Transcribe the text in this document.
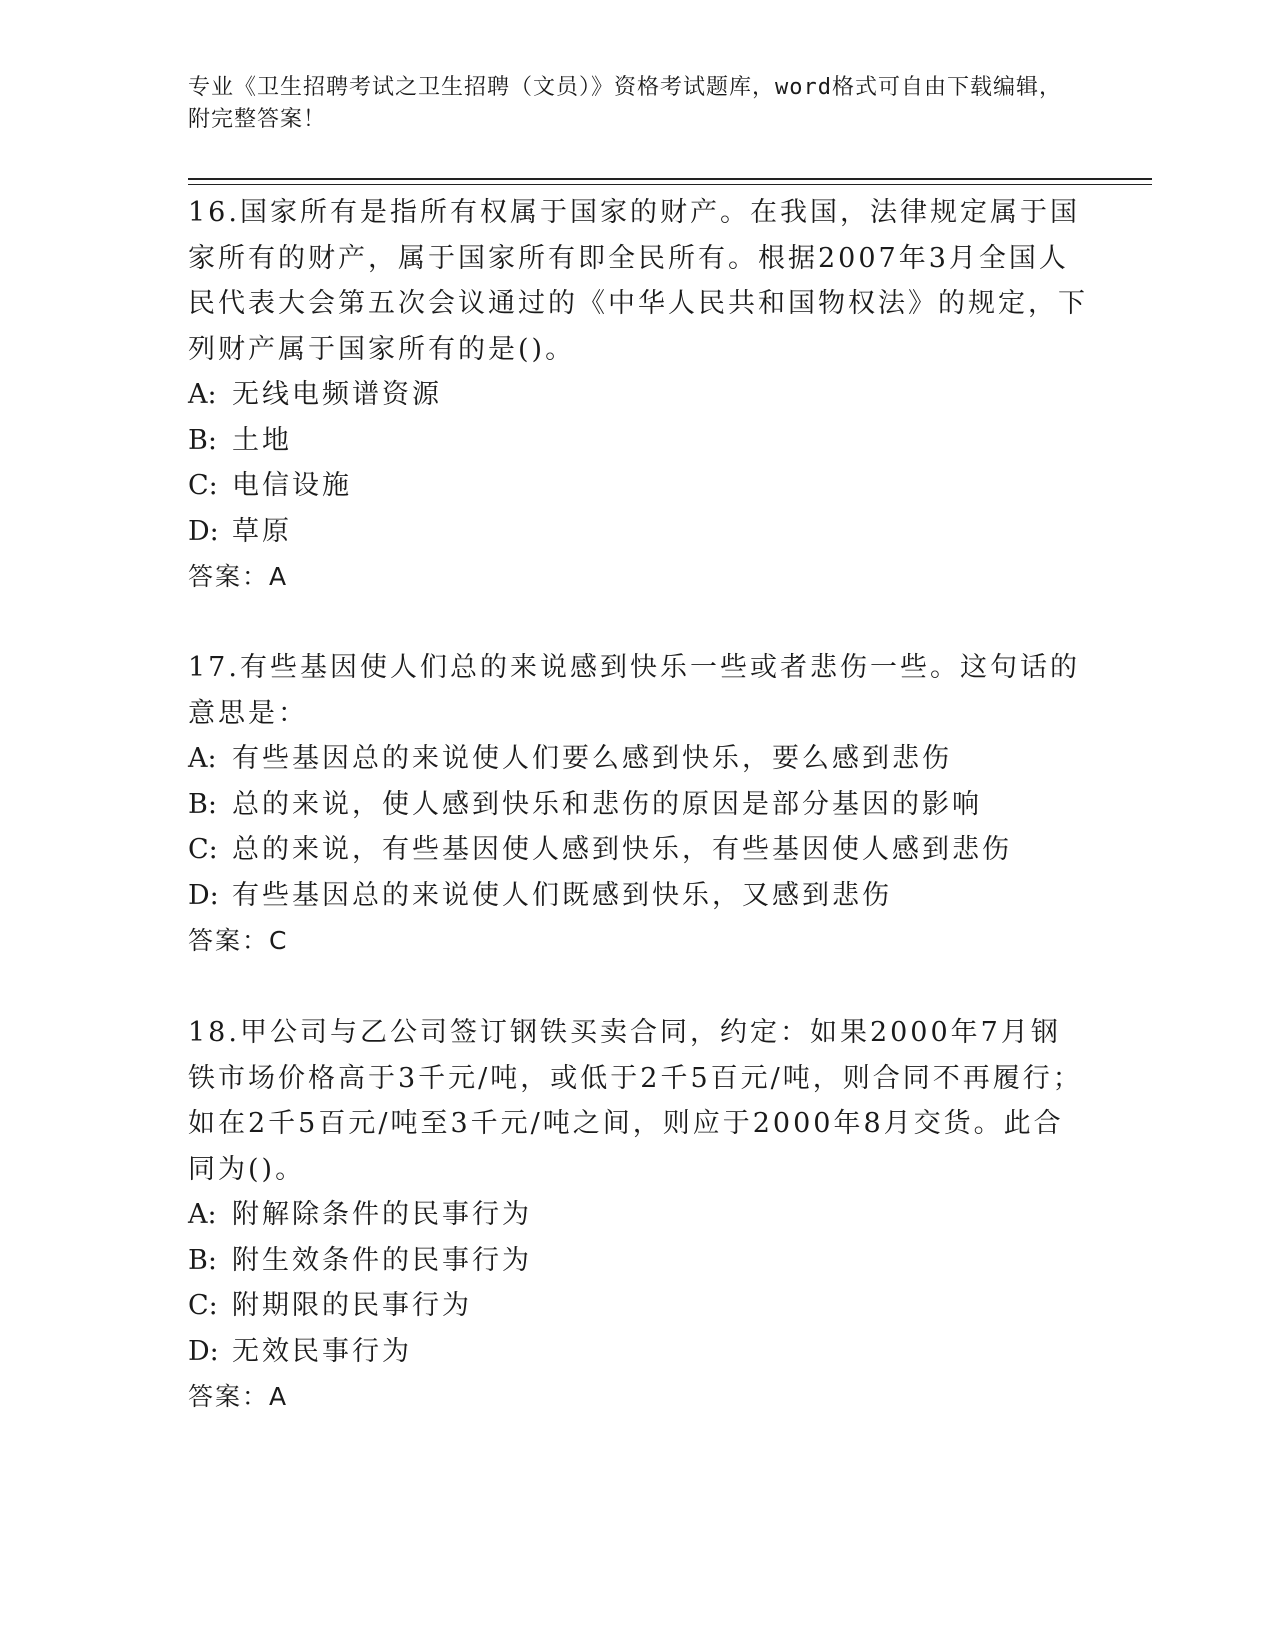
专业《卫生招聘考试之卫生招聘（文员）》资格考试题库，word格式可自由下载编辑，附完整答案！

16.国家所有是指所有权属于国家的财产。在我国，法律规定属于国家所有的财产，属于国家所有即全民所有。根据2007年3月全国人民代表大会第五次会议通过的《中华人民共和国物权法》的规定，下列财产属于国家所有的是()。

A: 无线电频谱资源

B: 土地

C: 电信设施

D: 草原

答案：A

17.有些基因使人们总的来说感到快乐一些或者悲伤一些。这句话的意思是：

A: 有些基因总的来说使人们要么感到快乐，要么感到悲伤

B: 总的来说，使人感到快乐和悲伤的原因是部分基因的影响

C: 总的来说，有些基因使人感到快乐，有些基因使人感到悲伤

D: 有些基因总的来说使人们既感到快乐，又感到悲伤

答案：C

18.甲公司与乙公司签订钢铁买卖合同，约定：如果2000年7月钢铁市场价格高于3千元/吨，或低于2千5百元/吨，则合同不再履行；如在2千5百元/吨至3千元/吨之间，则应于2000年8月交货。此合同为()。

A: 附解除条件的民事行为

B: 附生效条件的民事行为

C: 附期限的民事行为

D: 无效民事行为

答案：A
